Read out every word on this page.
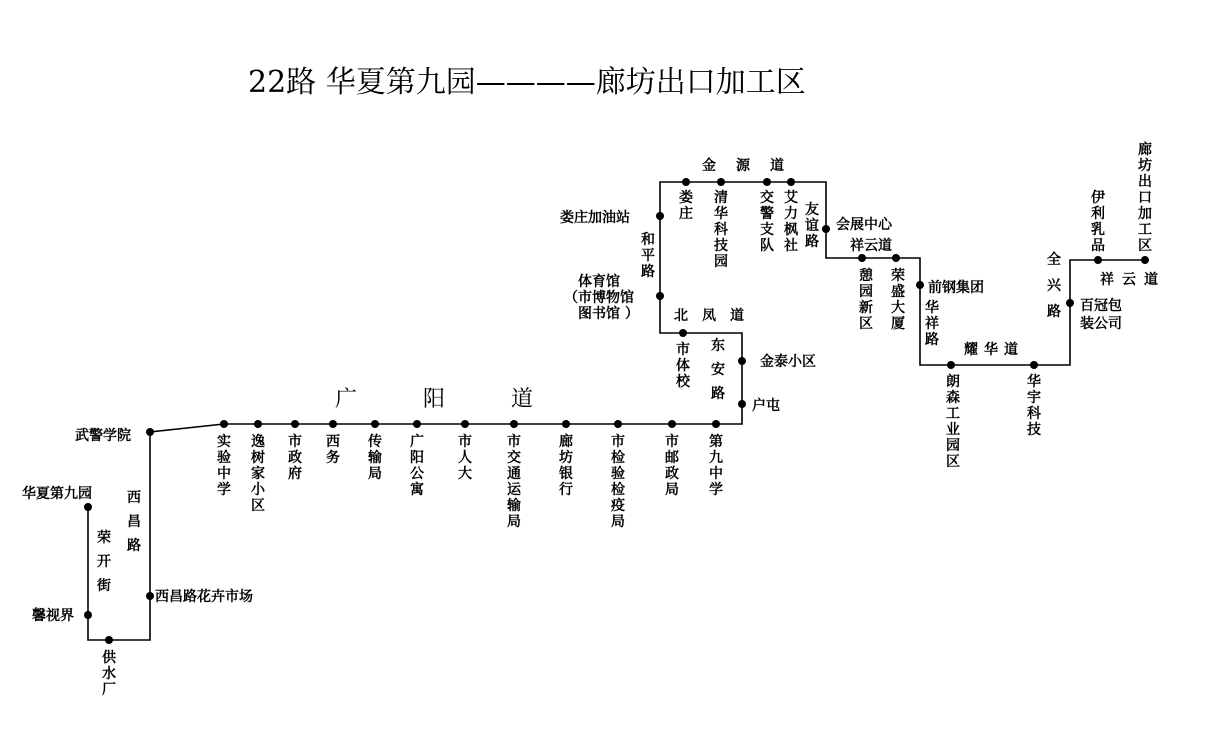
22路 华夏第九园————廊坊出口加工区
华夏第九园
馨视界
西昌路花卉市场
武警学院
金泰小区
户屯
体育馆
（市博物馆
图书馆 ）
娄庄加油站	会展中心
前钢集团
百冠包
装公司
供水厂
实验中学
逸树家小区
市政府
西务
传输局
广阳公寓
市人大
市交通运输局
廊坊银行
市检验检疫局
市邮政局
第九中学
市体校
娄庄
清华科技园
交警支队
艾力枫社
憩园新区
荣盛大厦
朗森工业园区
华宇科技
伊利乳品
廊坊出口加工区
西昌路
荣开街
和平路
东安路
友谊路
华祥路
全兴路
广阳道
金源道
北凤道
祥云道
耀华道
祥云道
